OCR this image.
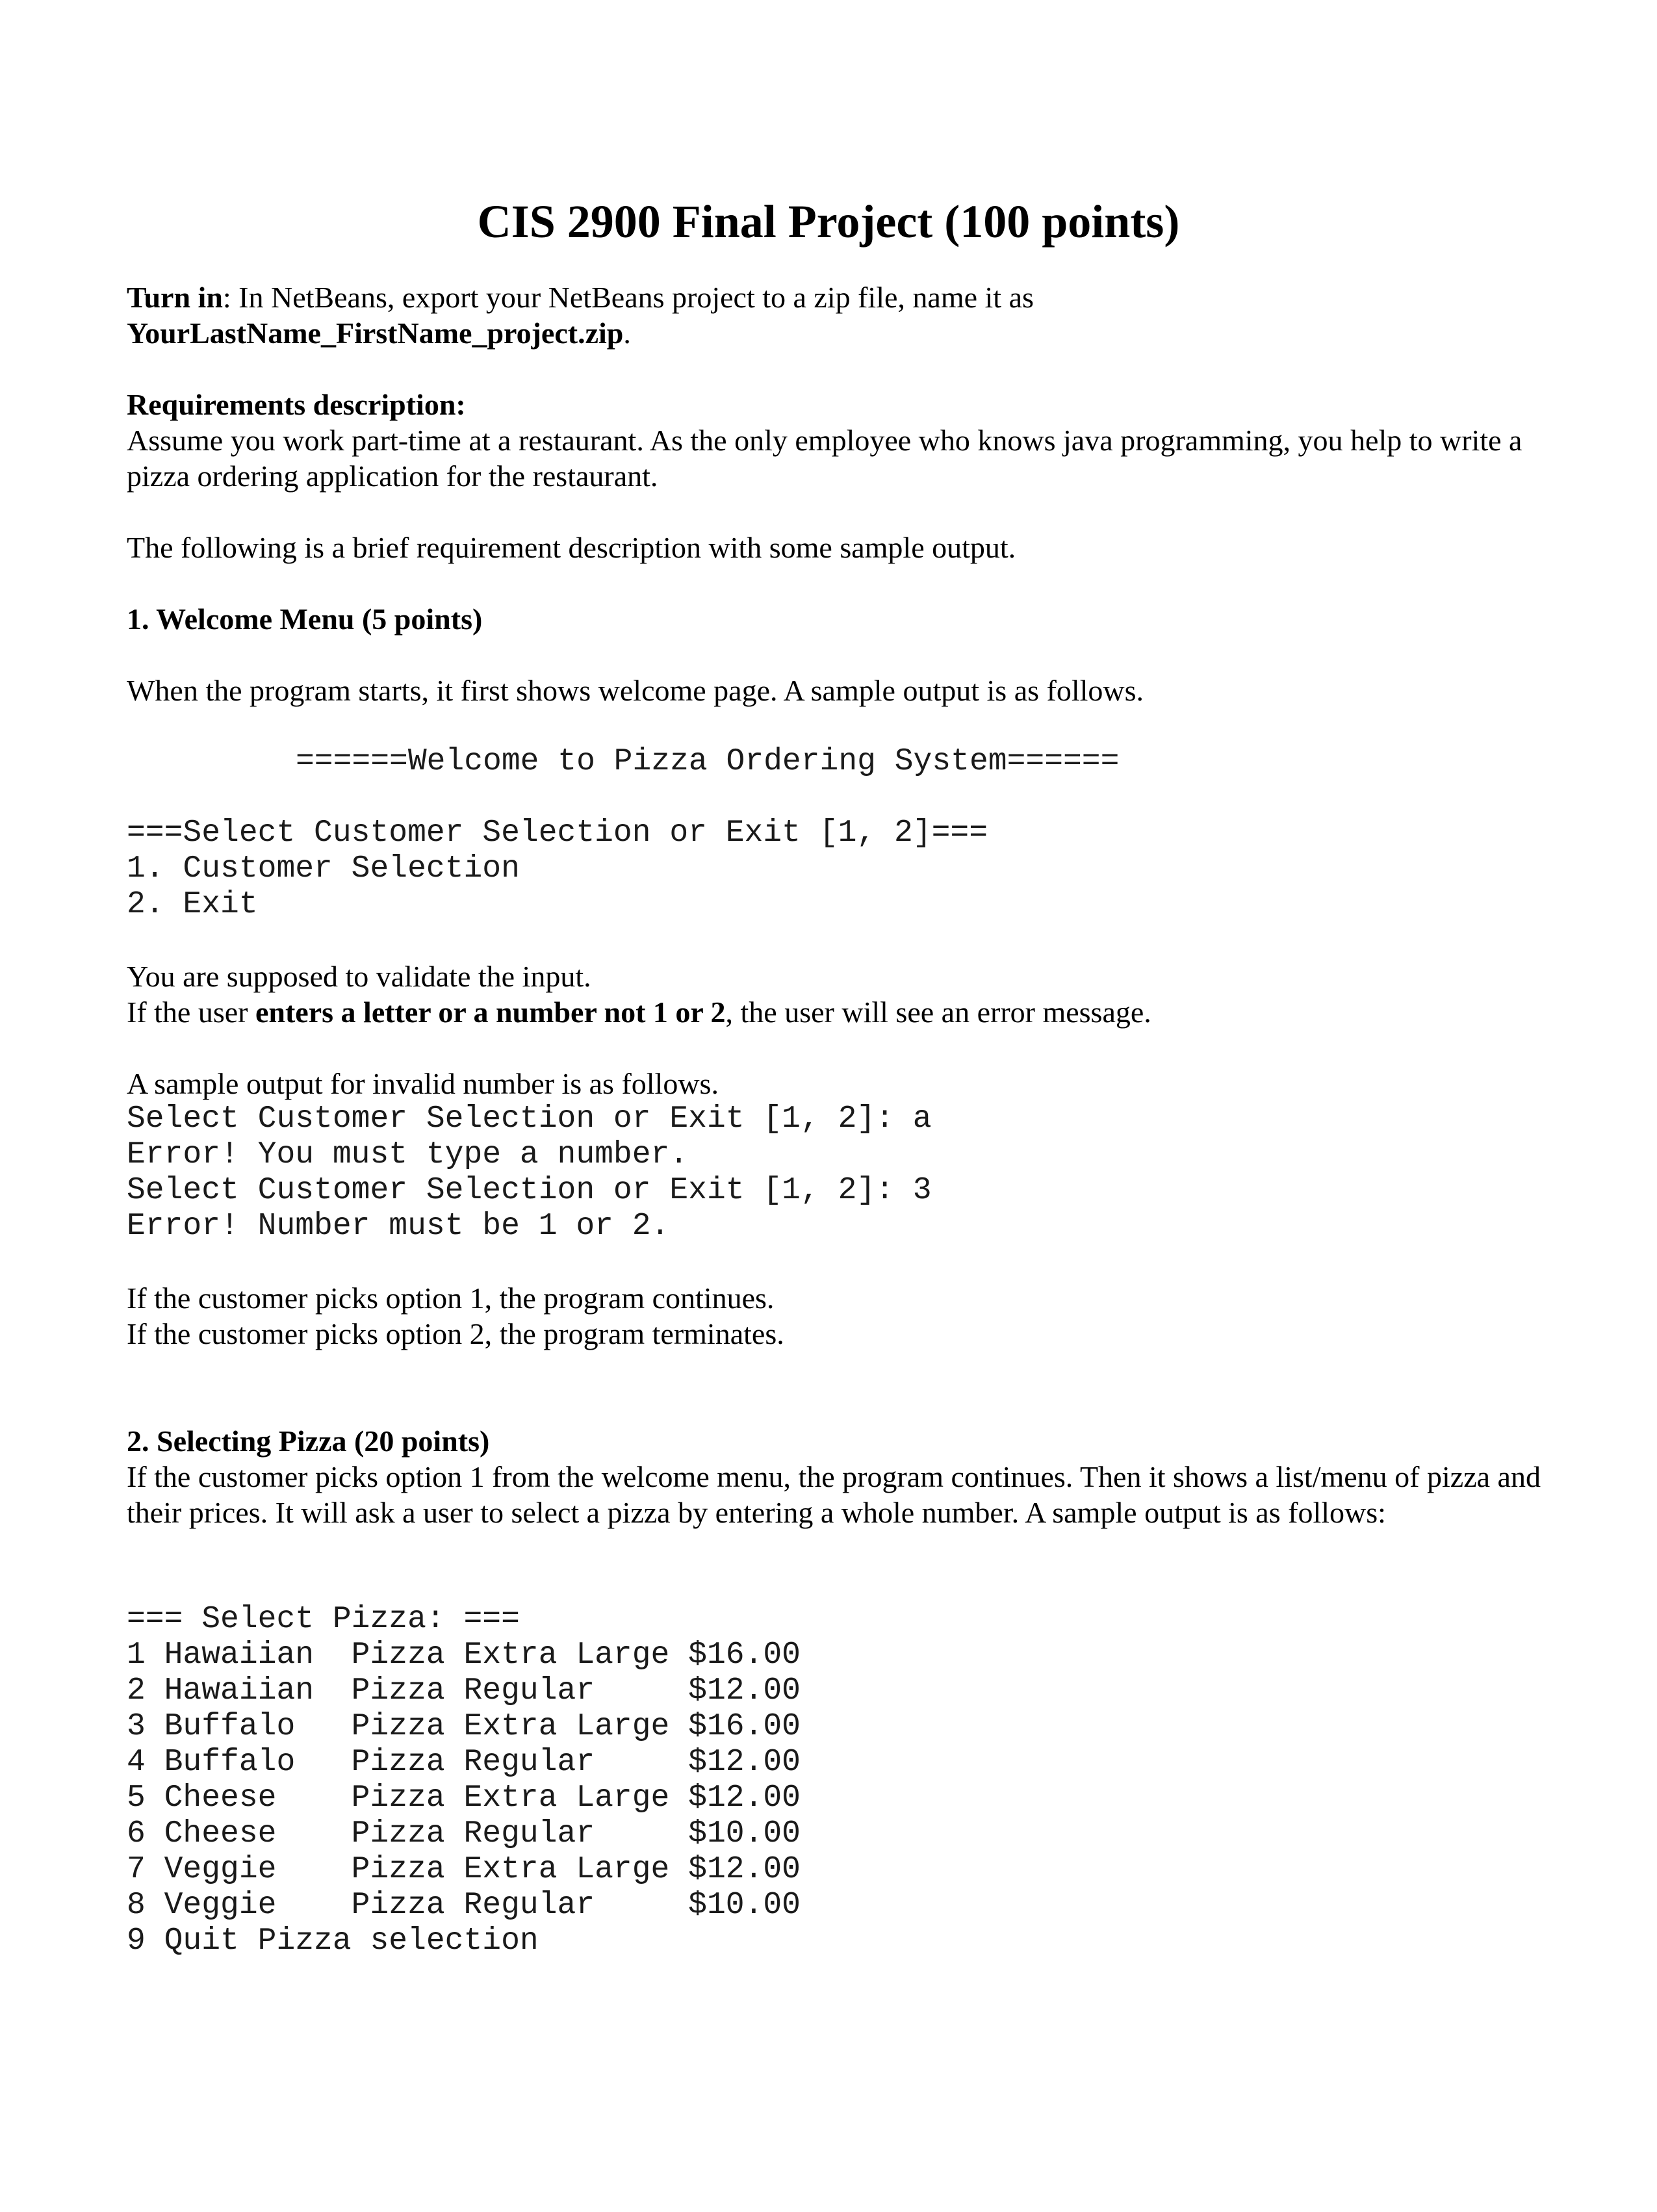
CIS 2900 Final Project (100 points)
Turn in: In NetBeans, export your NetBeans project to a zip file, name it as
YourLastName_FirstName_project.zip.
Requirements description:
Assume you work part-time at a restaurant. As the only employee who knows java programming, you help to write a pizza ordering application for the restaurant.
The following is a brief requirement description with some sample output.
1. Welcome Menu (5 points)
When the program starts, it first shows welcome page. A sample output is as follows.
======Welcome to Pizza Ordering System======
===Select Customer Selection or Exit [1, 2]===
1. Customer Selection
2. Exit
You are supposed to validate the input.
If the user enters a letter or a number not 1 or 2, the user will see an error message.
A sample output for invalid number is as follows.
Select Customer Selection or Exit [1, 2]: a
Error! You must type a number.
Select Customer Selection or Exit [1, 2]: 3
Error! Number must be 1 or 2.
If the customer picks option 1, the program continues.
If the customer picks option 2, the program terminates.
2. Selecting Pizza (20 points)
If the customer picks option 1 from the welcome menu, the program continues. Then it shows a list/menu of pizza and their prices. It will ask a user to select a pizza by entering a whole number. A sample output is as follows:
=== Select Pizza: ===
1 Hawaiian  Pizza Extra Large $16.00
2 Hawaiian  Pizza Regular     $12.00
3 Buffalo   Pizza Extra Large $16.00
4 Buffalo   Pizza Regular     $12.00
5 Cheese    Pizza Extra Large $12.00
6 Cheese    Pizza Regular     $10.00
7 Veggie    Pizza Extra Large $12.00
8 Veggie    Pizza Regular     $10.00
9 Quit Pizza selection
